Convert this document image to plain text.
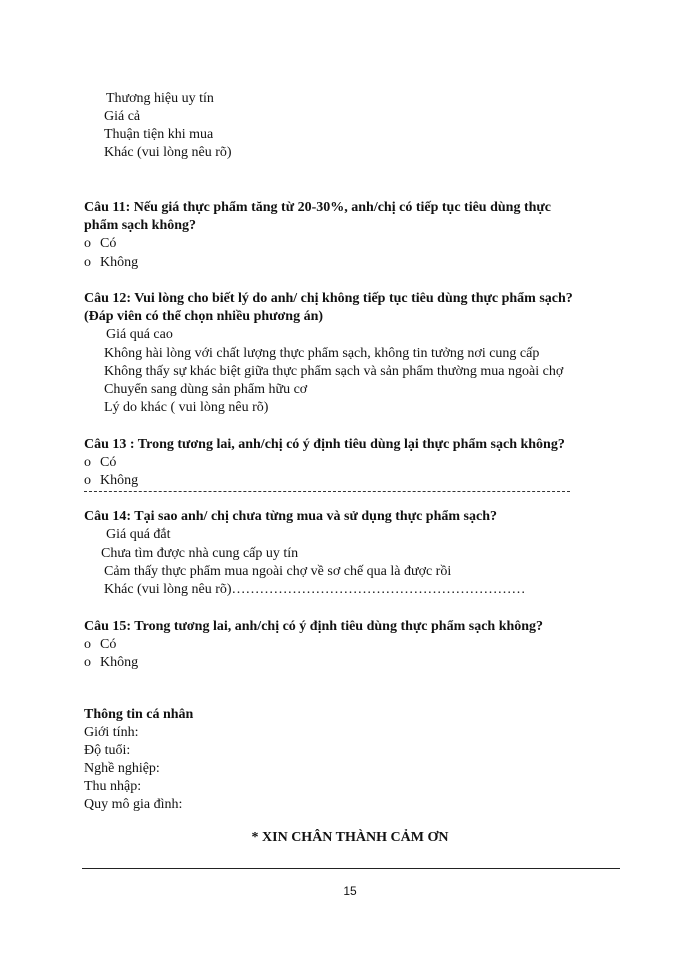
Thương hiệu uy tín
Giá cả
Thuận tiện khi mua
Khác (vui lòng nêu rõ)
Câu 11: Nếu giá thực phẩm tăng từ 20-30%, anh/chị có tiếp tục tiêu dùng thực
phẩm sạch không?
o Có
o Không
Câu 12: Vui lòng cho biết lý do anh/ chị không tiếp tục tiêu dùng thực phẩm sạch?
(Đáp viên có thể chọn nhiều phương án)
Giá quá cao
Không hài lòng với chất lượng thực phẩm sạch, không tin tưởng nơi cung cấp
Không thấy sự khác biệt giữa thực phẩm sạch và sản phẩm thường mua ngoài chợ
Chuyển sang dùng sản phẩm hữu cơ
Lý do khác ( vui lòng nêu rõ)
Câu 13 : Trong tương lai, anh/chị có ý định tiêu dùng lại thực phẩm sạch không?
o Có
o Không
Câu 14: Tại sao anh/ chị chưa từng mua và sử dụng thực phẩm sạch?
Giá quá đắt
Chưa tìm được nhà cung cấp uy tín
Cảm thấy thực phẩm mua ngoài chợ về sơ chế qua là được rồi
Khác (vui lòng nêu rõ)………………………………………………………
Câu 15: Trong tương lai, anh/chị có ý định tiêu dùng thực phẩm sạch không?
o Có
o Không
Thông tin cá nhân
Giới tính:
Độ tuổi:
Nghề nghiệp:
Thu nhập:
Quy mô gia đình:
* XIN CHÂN THÀNH CẢM ƠN
15
